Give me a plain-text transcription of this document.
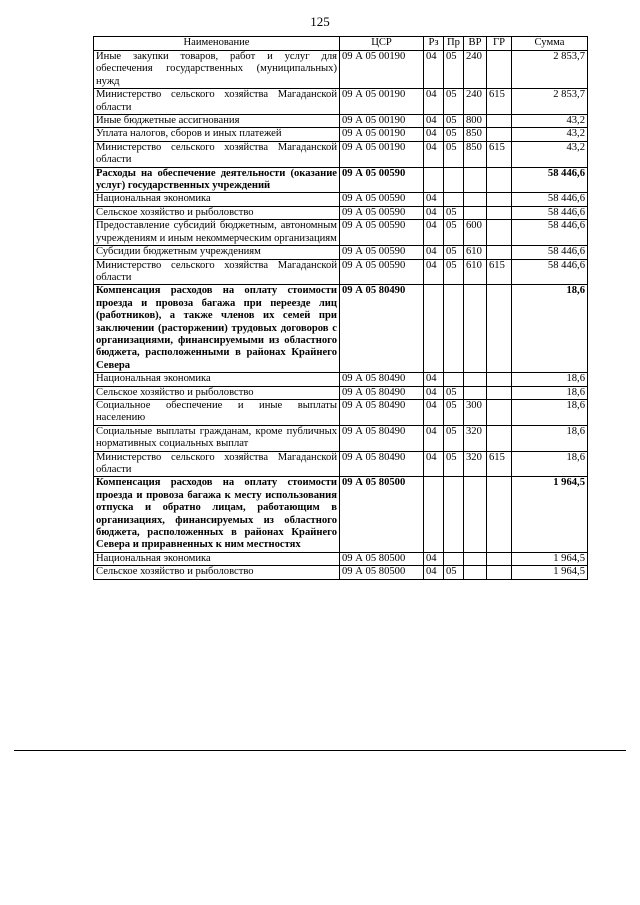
125
Наименование	ЦСР	Рз	Пр	ВР	ГР	Сумма
Иные закупки товаров, работ и услуг для обеспечения государственных (муниципальных) нужд	09 А 05 00190	04	05	240		2 853,7
Министерство сельского хозяйства Магаданской области	09 А 05 00190	04	05	240	615	2 853,7
Иные бюджетные ассигнования	09 А 05 00190	04	05	800		43,2
Уплата налогов, сборов и иных платежей	09 А 05 00190	04	05	850		43,2
Министерство сельского хозяйства Магаданской области	09 А 05 00190	04	05	850	615	43,2
Расходы на обеспечение деятельности (оказание услуг) государственных учреждений	09 А 05 00590					58 446,6
Национальная экономика	09 А 05 00590	04				58 446,6
Сельское хозяйство и рыболовство	09 А 05 00590	04	05			58 446,6
Предоставление субсидий бюджетным, автономным учреждениям и иным некоммерческим организациям	09 А 05 00590	04	05	600		58 446,6
Субсидии бюджетным учреждениям	09 А 05 00590	04	05	610		58 446,6
Министерство сельского хозяйства Магаданской области	09 А 05 00590	04	05	610	615	58 446,6
Компенсация расходов на оплату стоимости проезда и провоза багажа при переезде лиц (работников), а также членов их семей при заключении (расторжении) трудовых договоров с организациями, финансируемыми из областного бюджета, расположенными в районах Крайнего Севера	09 А 05 80490					18,6
Национальная экономика	09 А 05 80490	04				18,6
Сельское хозяйство и рыболовство	09 А 05 80490	04	05			18,6
Социальное обеспечение и иные выплаты населению	09 А 05 80490	04	05	300		18,6
Социальные выплаты гражданам, кроме публичных нормативных социальных выплат	09 А 05 80490	04	05	320		18,6
Министерство сельского хозяйства Магаданской области	09 А 05 80490	04	05	320	615	18,6
Компенсация расходов на оплату стоимости проезда и провоза багажа к месту использования отпуска и обратно лицам, работающим в организациях, финансируемых из областного бюджета, расположенных в районах Крайнего Севера и приравненных к ним местностях	09 А 05 80500					1 964,5
Национальная экономика	09 А 05 80500	04				1 964,5
Сельское хозяйство и рыболовство	09 А 05 80500	04	05			1 964,5
